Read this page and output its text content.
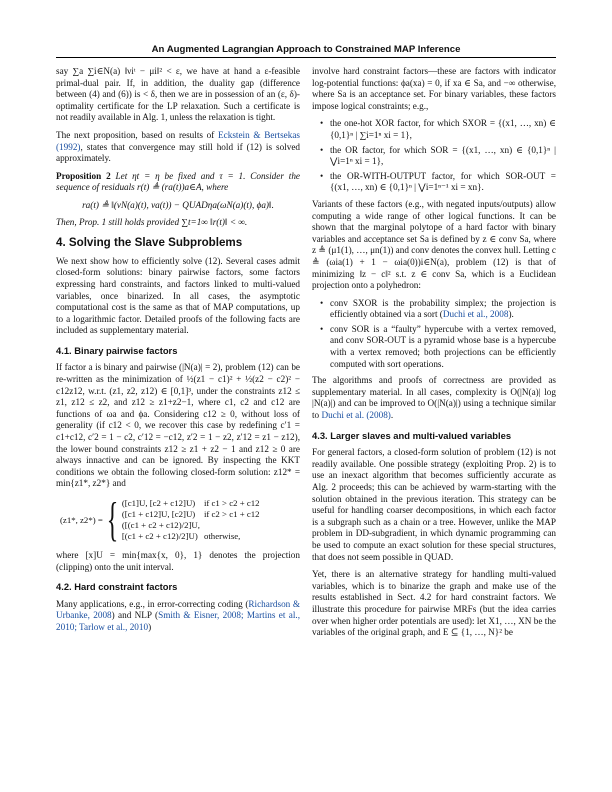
An Augmented Lagrangian Approach to Constrained MAP Inference

say ∑a ∑i∈N(a) ‖νiᵗ − μi‖² < ε, we have at hand a ε-feasible primal-dual pair. If, in addition, the duality gap (difference between (4) and (6)) is < δ, then we are in possession of an (ε, δ)-optimality certificate for the LP relaxation. Such a certificate is not readily available in Alg. 1, unless the relaxation is tight.

The next proposition, based on results of Eckstein & Bertsekas (1992), states that convergence may still hold if (12) is solved approximately.

Proposition 2 Let ηt = η be fixed and τ = 1. Consider the sequence of residuals r(t) ≜ (ra(t))a∈A, where
ra(t) ≜ ‖(νN(a)(t), νa(t)) − QUADηa(ωN(a)(t), ϕa)‖.

Then, Prop. 1 still holds provided ∑t=1∞ ‖r(t)‖ < ∞.

4. Solving the Slave Subproblems

We next show how to efficiently solve (12). Several cases admit closed-form solutions: binary pairwise factors, some factors expressing hard constraints, and factors linked to multi-valued variables, once binarized. In all cases, the asymptotic computational cost is the same as that of MAP computations, up to a logarithmic factor. Detailed proofs of the following facts are included as supplementary material.

4.1. Binary pairwise factors

If factor a is binary and pairwise (|N(a)| = 2), problem (12) can be re-written as the minimization of ½(z1 − c1)² + ½(z2 − c2)² − c12z12, w.r.t. (z1, z2, z12) ∈ [0,1]³, under the constraints z12 ≤ z1, z12 ≤ z2, and z12 ≥ z1+z2−1, where c1, c2 and c12 are functions of ωa and ϕa. Considering c12 ≥ 0, without loss of generality (if c12 < 0, we recover this case by redefining c′1 = c1+c12, c′2 = 1 − c2, c′12 = −c12, z′2 = 1 − z2, z′12 = z1 − z12), the lower bound constraints z12 ≥ z1 + z2 − 1 and z12 ≥ 0 are always innactive and can be ignored. By inspecting the KKT conditions we obtain the following closed-form solution: z12* = min{z1*, z2*} and

(z1*, z2*) = { ([c1]U, [c2 + c12]U)	if c1 > c2 + c12
([c1 + c12]U, [c2]U)	if c2 > c1 + c12
([(c1 + c2 + c12)/2]U,	
[(c1 + c2 + c12)/2]U)	otherwise,

where [x]U = min{max{x, 0}, 1} denotes the projection (clipping) onto the unit interval.

4.2. Hard constraint factors

Many applications, e.g., in error-correcting coding (Richardson & Urbanke, 2008) and NLP (Smith & Eisner, 2008; Martins et al., 2010; Tarlow et al., 2010)

involve hard constraint factors—these are factors with indicator log-potential functions: ϕa(xa) = 0, if xa ∈ Sa, and −∞ otherwise, where Sa is an acceptance set. For binary variables, these factors impose logical constraints; e.g.,

• the one-hot XOR factor, for which SXOR = {(x1, …, xn) ∈ {0,1}ⁿ | ∑i=1ⁿ xi = 1},
• the OR factor, for which SOR = {(x1, …, xn) ∈ {0,1}ⁿ | ⋁i=1ⁿ xi = 1},
• the OR-WITH-OUTPUT factor, for which SOR-OUT = {(x1, …, xn) ∈ {0,1}ⁿ | ⋁i=1ⁿ⁻¹ xi = xn}.

Variants of these factors (e.g., with negated inputs/outputs) allow computing a wide range of other logical functions. It can be shown that the marginal polytope of a hard factor with binary variables and acceptance set Sa is defined by z ∈ conv Sa, where z ≜ (μ1(1), …, μn(1)) and conv denotes the convex hull. Letting c ≜ (ωia(1) + 1 − ωia(0))i∈N(a), problem (12) is that of minimizing ‖z − c‖² s.t. z ∈ conv Sa, which is a Euclidean projection onto a polyhedron:

• conv SXOR is the probability simplex; the projection is efficiently obtained via a sort (Duchi et al., 2008).
• conv SOR is a “faulty” hypercube with a vertex removed, and conv SOR-OUT is a pyramid whose base is a hypercube with a vertex removed; both projections can be efficiently computed with sort operations.

The algorithms and proofs of correctness are provided as supplementary material. In all cases, complexity is O(|N(a)| log |N(a)|) and can be improved to O(|N(a)|) using a technique similar to Duchi et al. (2008).

4.3. Larger slaves and multi-valued variables

For general factors, a closed-form solution of problem (12) is not readily available. One possible strategy (exploiting Prop. 2) is to use an inexact algorithm that becomes sufficiently accurate as Alg. 2 proceeds; this can be achieved by warm-starting with the solution obtained in the previous iteration. This strategy can be useful for handling coarser decompositions, in which each factor is a subgraph such as a chain or a tree. However, unlike the MAP problem in DD-subgradient, in which dynamic programming can be used to compute an exact solution for these special structures, that does not seem possible in QUAD.

Yet, there is an alternative strategy for handling multi-valued variables, which is to binarize the graph and make use of the results established in Sect. 4.2 for hard constraint factors. We illustrate this procedure for pairwise MRFs (but the idea carries over when higher order potentials are used): let X1, …, XN be the variables of the original graph, and E ⊆ {1, …, N}² be
